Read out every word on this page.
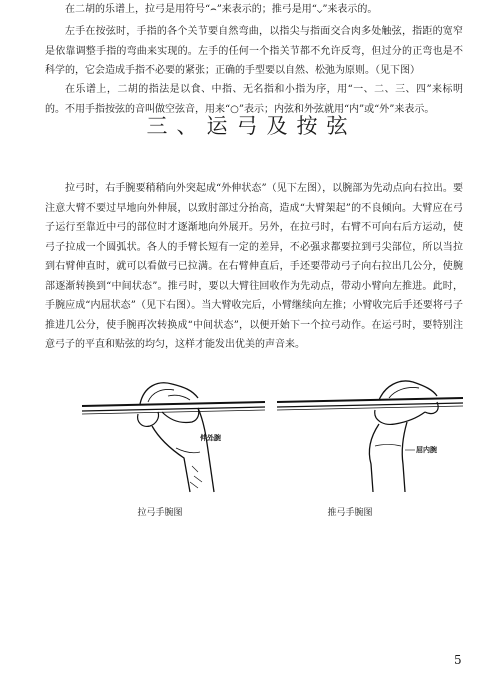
三、运弓及按弦

拉弓时，右手腕要稍稍向外突起成“外伸状态”（见下左图），以腕部为先动点向右拉出。要注意大臂不要过早地向外伸展，以致肘部过分抬高，造成“大臂架起”的不良倾向。大臂应在弓子运行至靠近中弓的部位时才逐渐地向外展开。另外，在拉弓时，右臂不可向右后方运动，使弓子拉成一个圆弧状。各人的手臂长短有一定的差异，不必强求都要拉到弓尖部位，所以当拉到右臂伸直时，就可以看做弓已拉满。在右臂伸直后，手还要带动弓子向右拉出几公分，使腕部逐渐转换到“中间状态”。推弓时，要以大臂往回收作为先动点，带动小臂向左推进。此时，手腕应成“内屈状态”（见下右图）。当大臂收完后，小臂继续向左推；小臂收完后手还要将弓子推进几公分，使手腕再次转换成“中间状态”，以便开始下一个拉弓动作。在运弓时，要特别注意弓子的平直和贴弦的均匀，这样才能发出优美的声音来。

伸外腕
屈内腕
拉弓手腕图	推弓手腕图

在二胡的乐谱上，拉弓是用符号“⌢”来表示的；推弓是用“⌄”来表示的。

左手在按弦时，手指的各个关节要自然弯曲，以指尖与指面交合肉多处触弦，指距的宽窄是依靠调整手指的弯曲来实现的。左手的任何一个指关节都不允许反弯，但过分的正弯也是不科学的，它会造成手指不必要的紧张；正确的手型要以自然、松弛为原则。（见下图）

在乐谱上，二胡的指法是以食、中指、无名指和小指为序，用“一、二、三、四”来标明的。不用手指按弦的音叫做空弦音，用来“○”表示；内弦和外弦就用“内”或“外”来表示。

5
